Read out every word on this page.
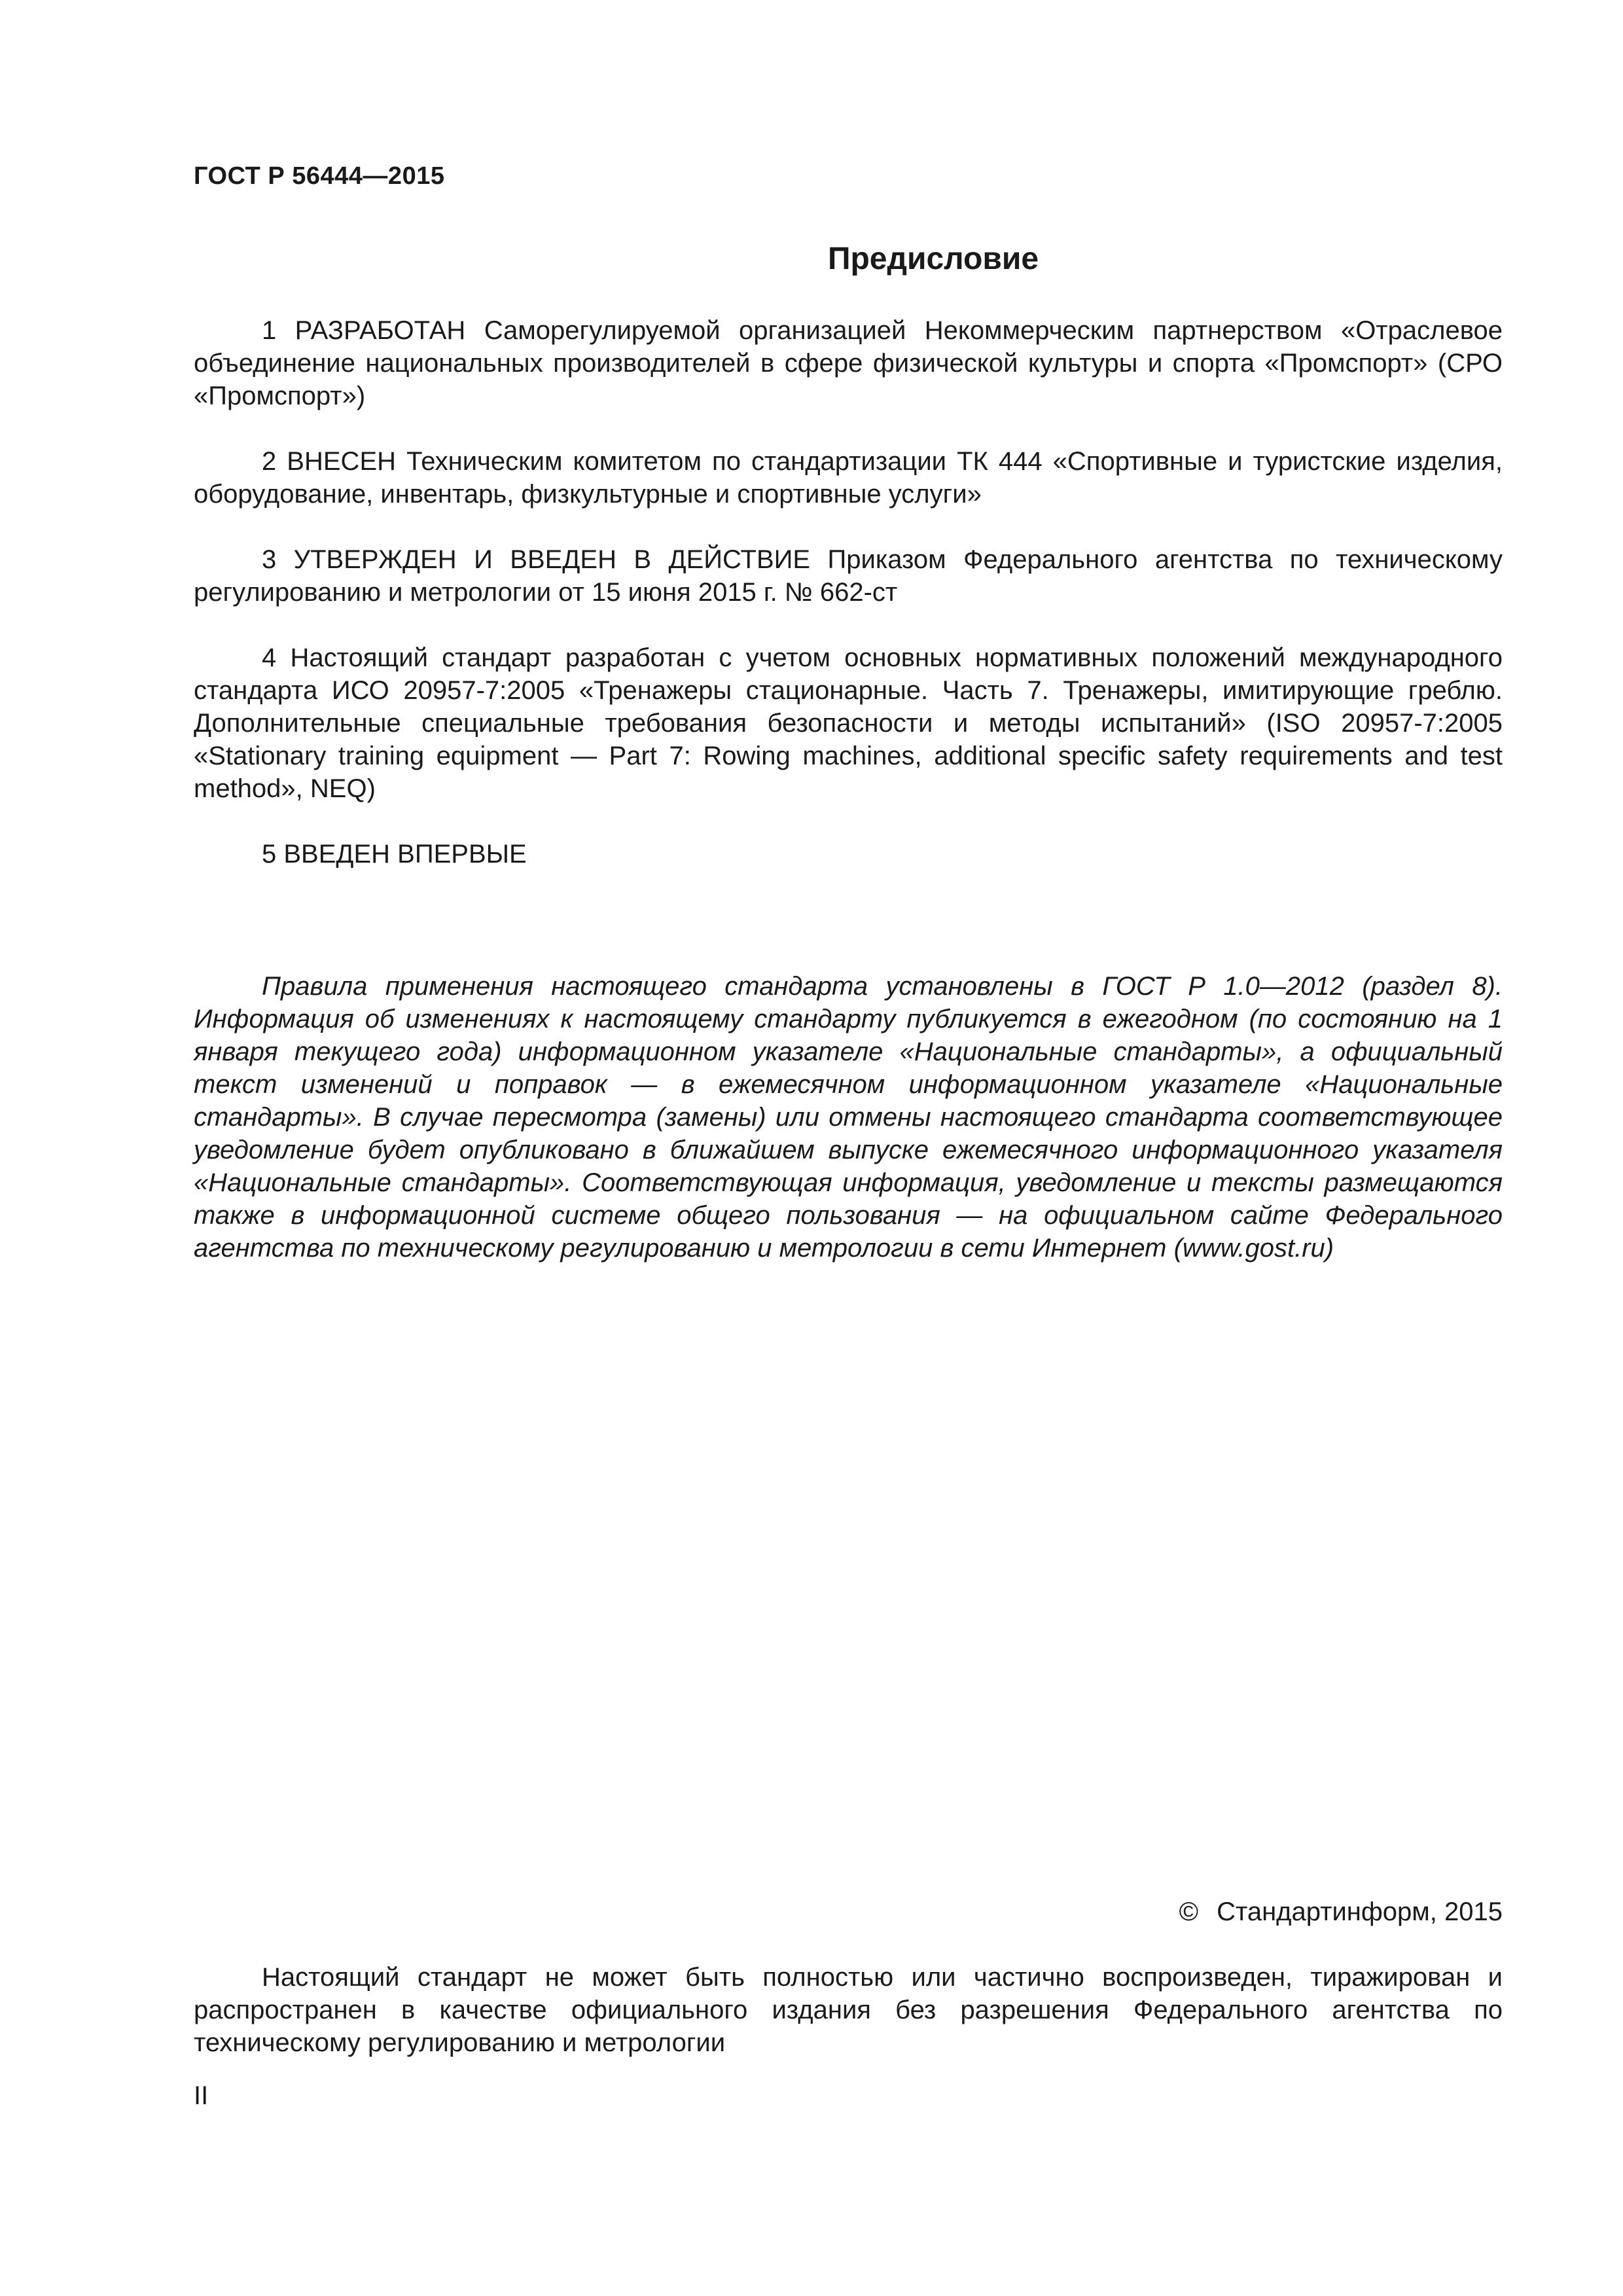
ГОСТ Р 56444—2015
Предисловие

1 РАЗРАБОТАН Саморегулируемой организацией Некоммерческим партнерством «Отраслевое объединение национальных производителей в сфере физической культуры и спорта «Промспорт» (СРО «Промспорт»)

2 ВНЕСЕН Техническим комитетом по стандартизации ТК 444 «Спортивные и туристские изделия, оборудование, инвентарь, физкультурные и спортивные услуги»

3 УТВЕРЖДЕН И ВВЕДЕН В ДЕЙСТВИЕ Приказом Федерального агентства по техническому регулированию и метрологии от 15 июня 2015 г. № 662-ст

4 Настоящий стандарт разработан с учетом основных нормативных положений международного стандарта ИСО 20957-7:2005 «Тренажеры стационарные. Часть 7. Тренажеры, имитирующие греблю. Дополнительные специальные требования безопасности и методы испытаний» (ISO 20957-7:2005 «Stationary training equipment — Part 7: Rowing machines, additional specific safety requirements and test method», NEQ)

5 ВВЕДЕН ВПЕРВЫЕ

Правила применения настоящего стандарта установлены в ГОСТ Р 1.0—2012 (раздел 8). Информация об изменениях к настоящему стандарту публикуется в ежегодном (по состоянию на 1 января текущего года) информационном указателе «Национальные стандарты», а официальный текст изменений и поправок — в ежемесячном информационном указателе «Национальные стандарты». В случае пересмотра (замены) или отмены настоящего стандарта соответствующее уведомление будет опубликовано в ближайшем выпуске ежемесячного информационного указателя «Национальные стандарты». Соответствующая информация, уведомление и тексты размещаются также в информационной системе общего пользования — на официальном сайте Федерального агентства по техническому регулированию и метрологии в сети Интернет (www.gost.ru)

© Стандартинформ, 2015

Настоящий стандарт не может быть полностью или частично воспроизведен, тиражирован и распространен в качестве официального издания без разрешения Федерального агентства по техническому регулированию и метрологии

II
